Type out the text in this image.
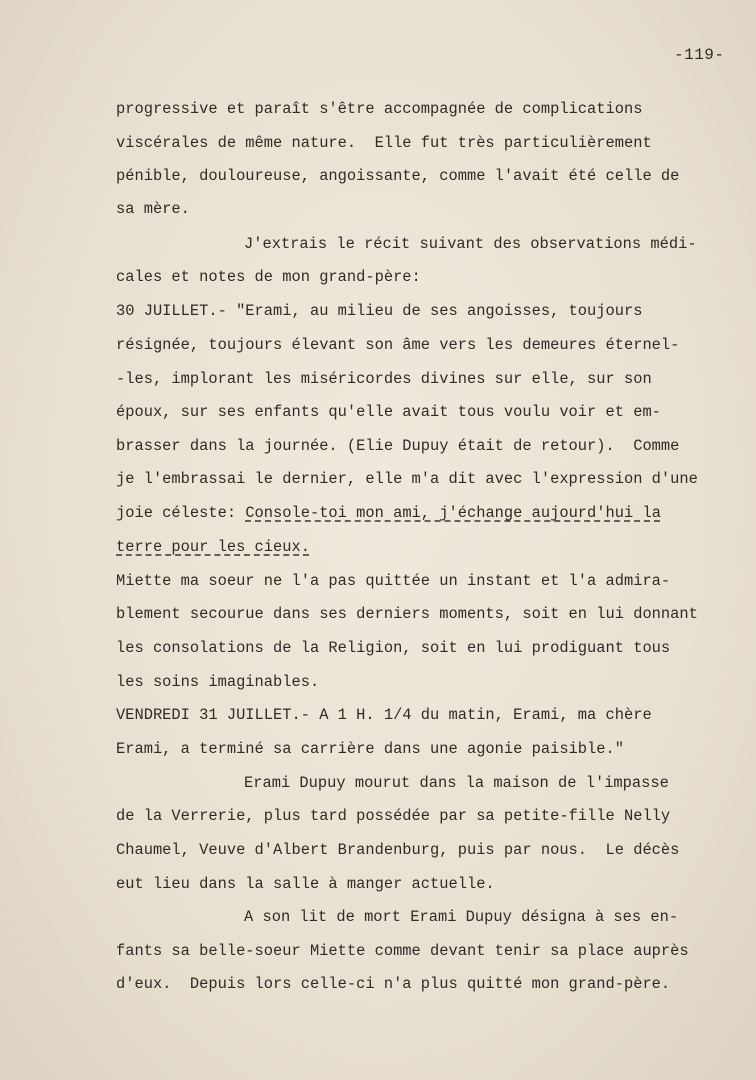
-119-
progressive et paraît s'être accompagnée de complications
viscérales de même nature.  Elle fut très particulièrement
pénible, douloureuse, angoissante, comme l'avait été celle de
sa mère.
J'extrais le récit suivant des observations médi-
cales et notes de mon grand-père:
30 JUILLET.- "Erami, au milieu de ses angoisses, toujours
résignée, toujours élevant son âme vers les demeures éternel-
-les, implorant les miséricordes divines sur elle, sur son
époux, sur ses enfants qu'elle avait tous voulu voir et em-
brasser dans la journée. (Elie Dupuy était de retour).  Comme
je l'embrassai le dernier, elle m'a dit avec l'expression d'une
joie céleste: Console-toi mon ami, j'échange aujourd'hui la
terre pour les cieux.
Miette ma soeur ne l'a pas quittée un instant et l'a admira-
blement secourue dans ses derniers moments, soit en lui donnant
les consolations de la Religion, soit en lui prodiguant tous
les soins imaginables.
VENDREDI 31 JUILLET.- A 1 H. 1/4 du matin, Erami, ma chère
Erami, a terminé sa carrière dans une agonie paisible."
Erami Dupuy mourut dans la maison de l'impasse
de la Verrerie, plus tard possédée par sa petite-fille Nelly
Chaumel, Veuve d'Albert Brandenburg, puis par nous.  Le décès
eut lieu dans la salle à manger actuelle.
A son lit de mort Erami Dupuy désigna à ses en-
fants sa belle-soeur Miette comme devant tenir sa place auprès
d'eux.  Depuis lors celle-ci n'a plus quitté mon grand-père.
